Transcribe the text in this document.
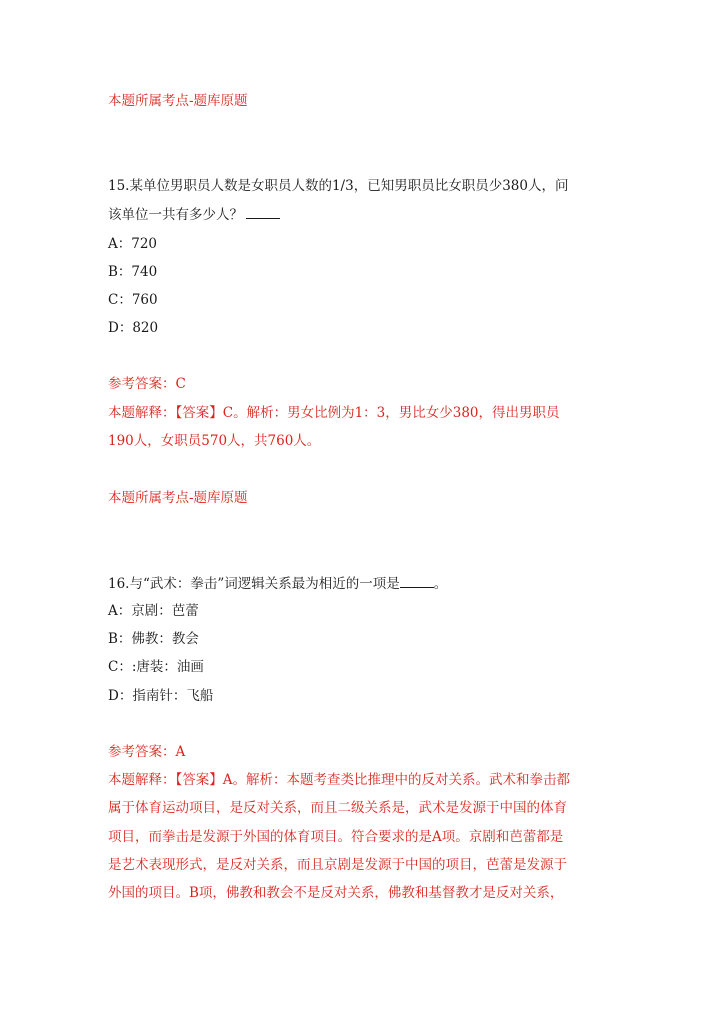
本题所属考点-题库原题
15.某单位男职员人数是女职员人数的1/3，已知男职员比女职员少380人，问
该单位一共有多少人？
A：720
B：740
C：760
D：820
参考答案：C
本题解释：【答案】C。解析：男女比例为1：3，男比女少380，得出男职员
190人，女职员570人，共760人。
本题所属考点-题库原题
16.与“武术：拳击”词逻辑关系最为相近的一项是	。
A：京剧：芭蕾
B：佛教：教会
C：:唐装：油画
D：指南针：飞船
参考答案：A
本题解释：【答案】A。解析：本题考查类比推理中的反对关系。武术和拳击都
属于体育运动项目，是反对关系，而且二级关系是，武术是发源于中国的体育
项目，而拳击是发源于外国的体育项目。符合要求的是A项。京剧和芭蕾都是
是艺术表现形式，是反对关系，而且京剧是发源于中国的项目，芭蕾是发源于
外国的项目。B项，佛教和教会不是反对关系，佛教和基督教才是反对关系，
